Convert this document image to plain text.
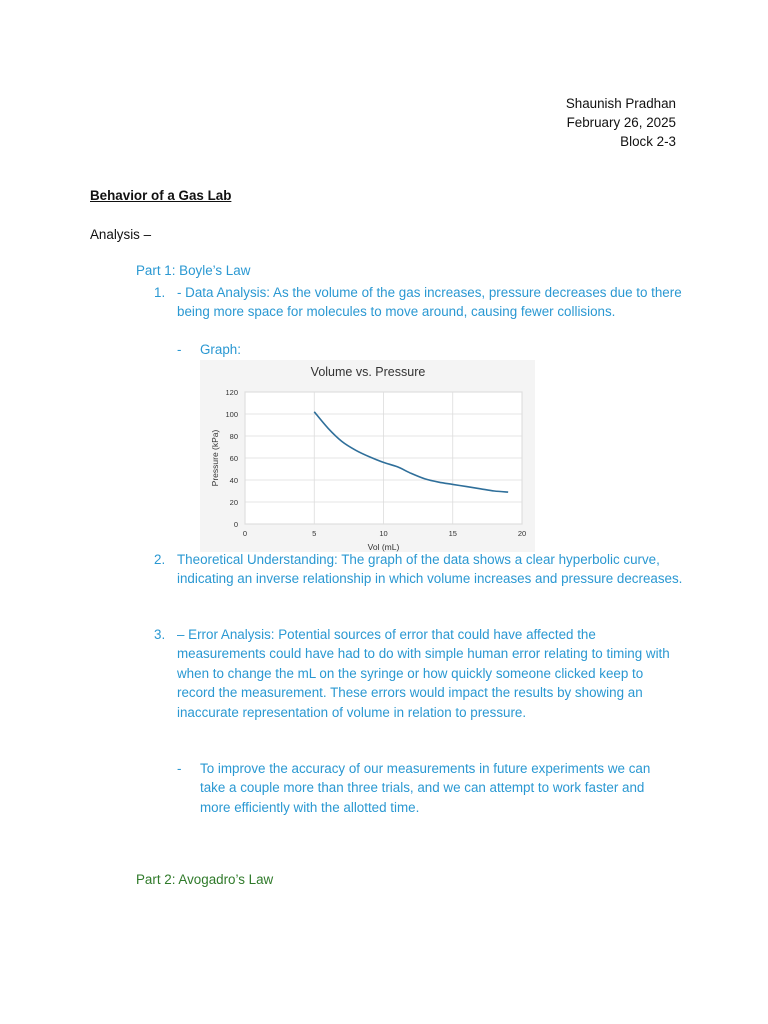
Shaunish Pradhan
February 26, 2025
Block 2-3
Behavior of a Gas Lab
Analysis –
Part 1: Boyle’s Law
1. - Data Analysis: As the volume of the gas increases, pressure decreases due to there being more space for molecules to move around, causing fewer collisions.
- Graph:
Volume vs. Pressure
0
20
40
60
80
100
120
0	5	10	15	20
Pressure (kPa)
Vol (mL)
2. Theoretical Understanding: The graph of the data shows a clear hyperbolic curve, indicating an inverse relationship in which volume increases and pressure decreases.
3. – Error Analysis: Potential sources of error that could have affected the measurements could have had to do with simple human error relating to timing with when to change the mL on the syringe or how quickly someone clicked keep to record the measurement. These errors would impact the results by showing an inaccurate representation of volume in relation to pressure.
- To improve the accuracy of our measurements in future experiments we can take a couple more than three trials, and we can attempt to work faster and more efficiently with the allotted time.
Part 2: Avogadro’s Law
